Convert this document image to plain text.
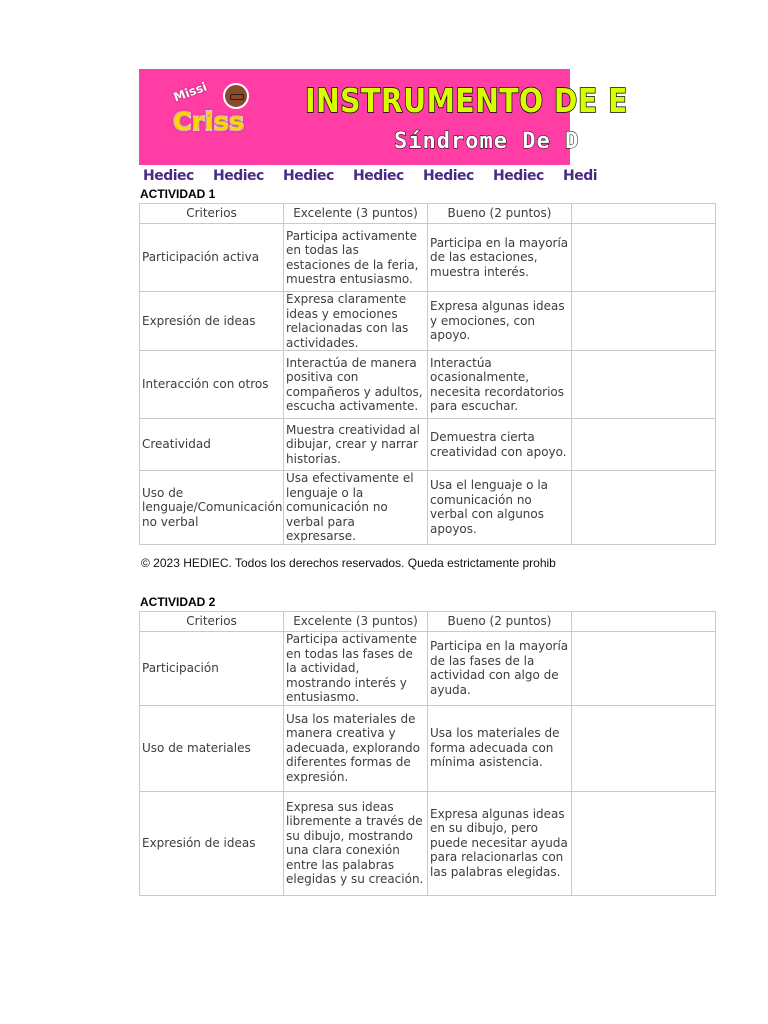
Missi
Criss
INSTRUMENTO DE E
Síndrome De D
Hediec Hediec Hediec Hediec Hediec Hediec Hedi
ACTIVIDAD 1
Criterios	Excelente (3 puntos)	Bueno (2 puntos)	
Participación activa	Participa activamente en todas las estaciones de la feria, muestra entusiasmo.	Participa en la mayoría de las estaciones, muestra interés.	
Expresión de ideas	Expresa claramente ideas y emociones relacionadas con las actividades.	Expresa algunas ideas y emociones, con apoyo.	
Interacción con otros	Interactúa de manera positiva con compañeros y adultos, escucha activamente.	Interactúa ocasionalmente, necesita recordatorios para escuchar.	
Creatividad	Muestra creatividad al dibujar, crear y narrar historias.	Demuestra cierta creatividad con apoyo.	
Uso de lenguaje/Comunicación no verbal	Usa efectivamente el lenguaje o la comunicación no verbal para expresarse.	Usa el lenguaje o la comunicación no verbal con algunos apoyos.	
© 2023 HEDIEC. Todos los derechos reservados. Queda estrictamente prohib
ACTIVIDAD 2
Criterios	Excelente (3 puntos)	Bueno (2 puntos)	
Participación	Participa activamente en todas las fases de la actividad, mostrando interés y entusiasmo.	Participa en la mayoría de las fases de la actividad con algo de ayuda.	
Uso de materiales	Usa los materiales de manera creativa y adecuada, explorando diferentes formas de expresión.	Usa los materiales de forma adecuada con mínima asistencia.	
Expresión de ideas	Expresa sus ideas libremente a través de su dibujo, mostrando una clara conexión entre las palabras elegidas y su creación.	Expresa algunas ideas en su dibujo, pero puede necesitar ayuda para relacionarlas con las palabras elegidas.	
